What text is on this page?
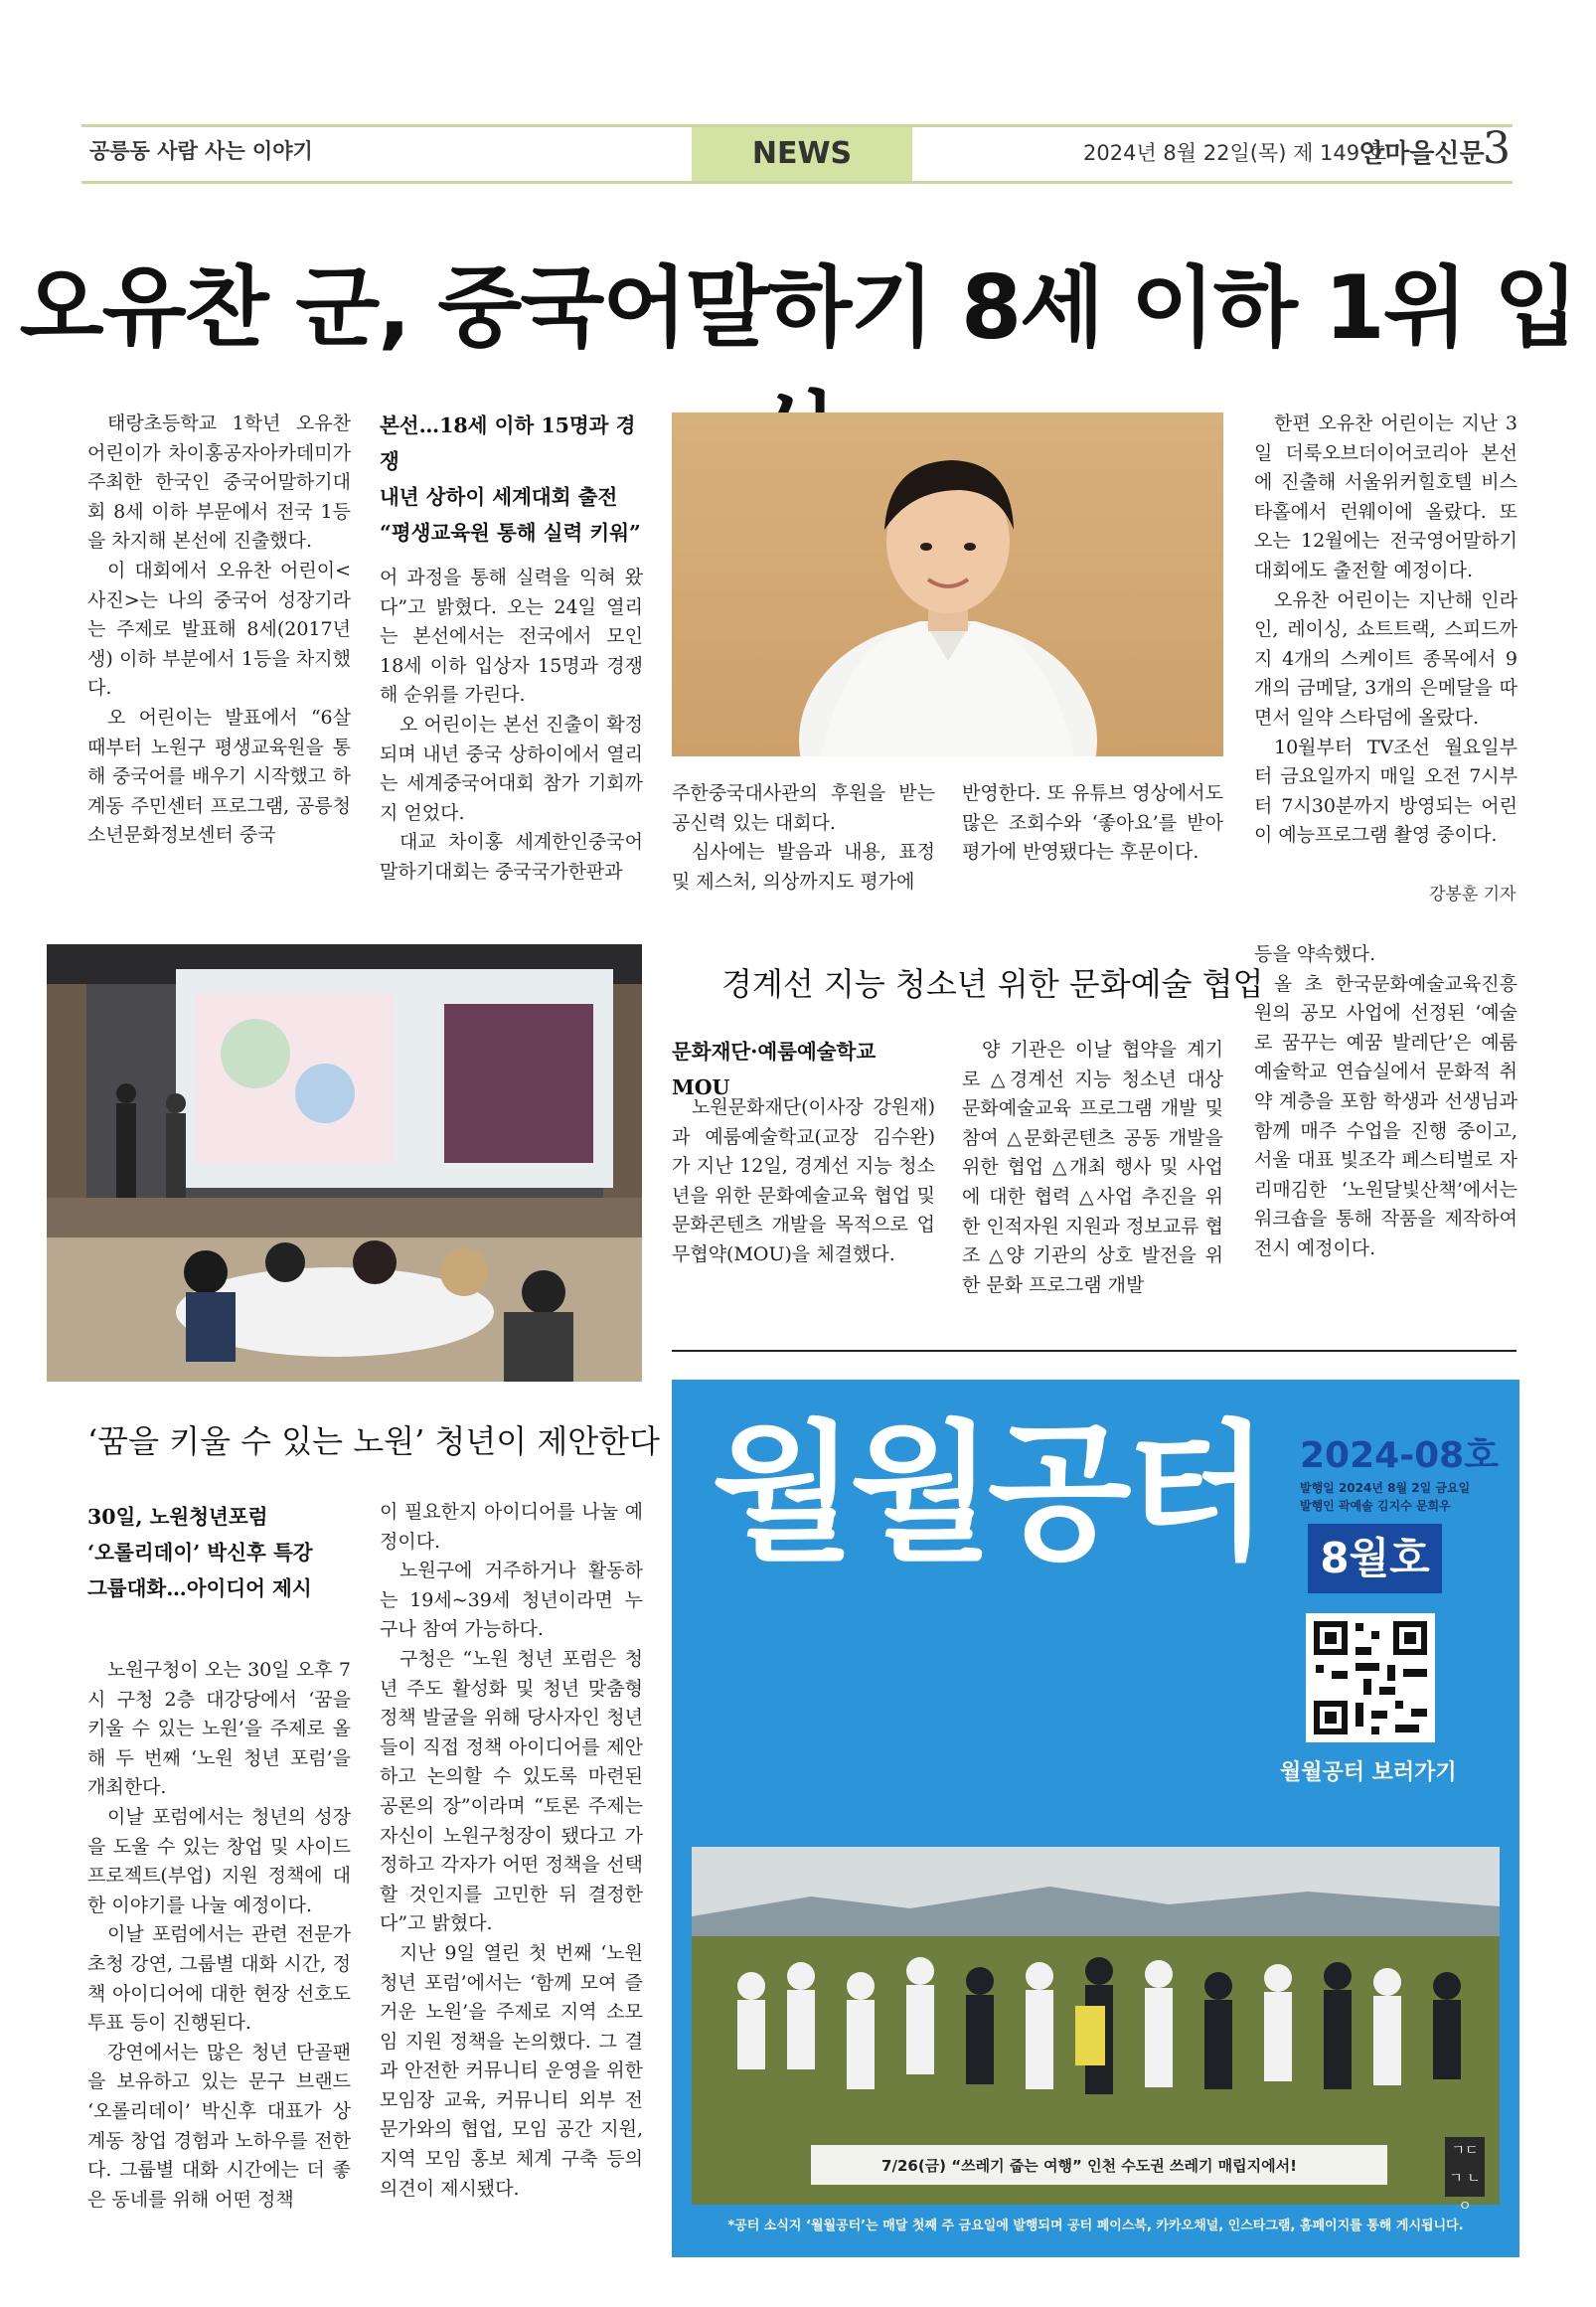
NEWS
공릉동 사람 사는 이야기	2024년 8월 22일(목) 제 149 호
안마을신문
3
오유찬 군, 중국어말하기 8세 이하 1위 입

태랑초등학교 1학년 오유찬 어린이가 차이홍공자아카데미가 주최한 한국인 중국어말하기대회 8세 이하 부문에서 전국 1등을 차지해 본선에 진출했다.

이 대회에서 오유찬 어린이<사진>는 나의 중국어 성장기라는 주제로 발표해 8세(2017년생) 이하 부분에서 1등을 차지했다.

오 어린이는 발표에서 “6살 때부터 노원구 평생교육원을 통해 중국어를 배우기 시작했고 하계동 주민센터 프로그램, 공릉청소년문화정보센터 중국

본선…18세 이하 15명과 경쟁
내년 상하이 세계대회 출전
“평생교육원 통해 실력 키워”

어 과정을 통해 실력을 익혀 왔다”고 밝혔다. 오는 24일 열리는 본선에서는 전국에서 모인 18세 이하 입상자 15명과 경쟁해 순위를 가린다.

오 어린이는 본선 진출이 확정되며 내년 중국 상하이에서 열리는 세계중국어대회 참가 기회까지 얻었다.

대교 차이홍 세계한인중국어말하기대회는 중국국가한판과

주한중국대사관의 후원을 받는 공신력 있는 대회다.

심사에는 발음과 내용, 표정 및 제스처, 의상까지도 평가에

반영한다. 또 유튜브 영상에서도 많은 조회수와 ‘좋아요’를 받아 평가에 반영됐다는 후문이다.

한편 오유찬 어린이는 지난 3일 더룩오브더이어코리아 본선에 진출해 서울위커힐호텔 비스타홀에서 런웨이에 올랐다. 또 오는 12월에는 전국영어말하기대회에도 출전할 예정이다.

오유찬 어린이는 지난해 인라인, 레이싱, 쇼트트랙, 스피드까지 4개의 스케이트 종목에서 9개의 금메달, 3개의 은메달을 따면서 일약 스타덤에 올랐다.

10월부터 TV조선 월요일부터 금요일까지 매일 오전 7시부터 7시30분까지 방영되는 어린이 예능프로그램 촬영 중이다.

강봉훈 기자
경계선 지능 청소년 위한 문화예술 협업
문화재단·예룸예술학교 MOU

노원문화재단(이사장 강원재)과 예룸예술학교(교장 김수완)가 지난 12일, 경계선 지능 청소년을 위한 문화예술교육 협업 및 문화콘텐츠 개발을 목적으로 업무협약(MOU)을 체결했다.

양 기관은 이날 협약을 계기로 △경계선 지능 청소년 대상 문화예술교육 프로그램 개발 및 참여 △문화콘텐츠 공동 개발을 위한 협업 △개최 행사 및 사업에 대한 협력 △사업 추진을 위한 인적자원 지원과 정보교류 협조 △양 기관의 상호 발전을 위한 문화 프로그램 개발

등을 약속했다.

올 초 한국문화예술교육진흥원의 공모 사업에 선정된 ‘예술로 꿈꾸는 예꿈 발레단’은 예룸예술학교 연습실에서 문화적 취약 계층을 포함 학생과 선생님과 함께 매주 수업을 진행 중이고, 서울 대표 빛조각 페스티벌로 자리매김한 ‘노원달빛산책’에서는 워크숍을 통해 작품을 제작하여 전시 예정이다.

‘꿈을 키울 수 있는 노원’ 청년이 제안한다
30일, 노원청년포럼
‘오롤리데이’ 박신후 특강
그룹대화…아이디어 제시

노원구청이 오는 30일 오후 7시 구청 2층 대강당에서 ‘꿈을 키울 수 있는 노원’을 주제로 올해 두 번째 ‘노원 청년 포럼’을 개최한다.

이날 포럼에서는 청년의 성장을 도울 수 있는 창업 및 사이드 프로젝트(부업) 지원 정책에 대한 이야기를 나눌 예정이다.

이날 포럼에서는 관련 전문가 초청 강연, 그룹별 대화 시간, 정책 아이디어에 대한 현장 선호도 투표 등이 진행된다.

강연에서는 많은 청년 단골팬을 보유하고 있는 문구 브랜드 ‘오롤리데이’ 박신후 대표가 상계동 창업 경험과 노하우를 전한다. 그룹별 대화 시간에는 더 좋은 동네를 위해 어떤 정책

이 필요한지 아이디어를 나눌 예정이다.

노원구에 거주하거나 활동하는 19세~39세 청년이라면 누구나 참여 가능하다.

구청은 “노원 청년 포럼은 청년 주도 활성화 및 청년 맞춤형 정책 발굴을 위해 당사자인 청년들이 직접 정책 아이디어를 제안하고 논의할 수 있도록 마련된 공론의 장”이라며 “토론 주제는 자신이 노원구청장이 됐다고 가정하고 각자가 어떤 정책을 선택할 것인지를 고민한 뒤 결정한다”고 밝혔다.

지난 9일 열린 첫 번째 ‘노원 청년 포럼’에서는 ‘함께 모여 즐거운 노원’을 주제로 지역 소모임 지원 정책을 논의했다. 그 결과 안전한 커뮤니티 운영을 위한 모임장 교육, 커뮤니티 외부 전문가와의 협업, 모임 공간 지원, 지역 모임 홍보 체계 구축 등의 의견이 제시됐다.

월월공터 2024-08호
발행일 2024년 8월 2일 금요일
발행인 곽예솔 김지수 문희우
8월호
월월공터 보러가기
7/26(금) “쓰레기 줍는 여행” 인천 수도권 쓰레기 매립지에서!
ㄱㄷㄱ ㄴㅇ
*공터 소식지 ‘월월공터’는 매달 첫째 주 금요일에 발행되며 공터 페이스북, 카카오채널, 인스타그램, 홈페이지를 통해 게시됩니다.
